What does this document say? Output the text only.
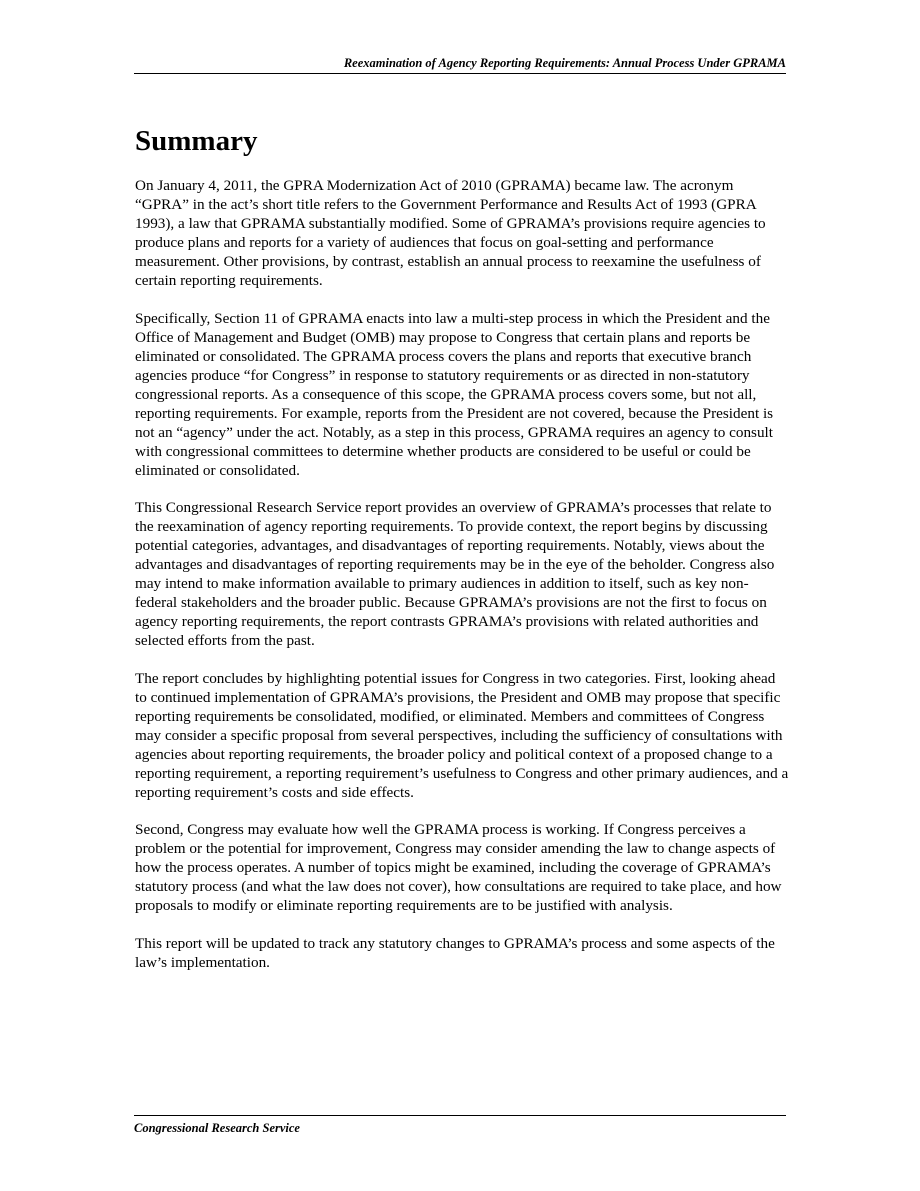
Reexamination of Agency Reporting Requirements: Annual Process Under GPRAMA
Summary

On January 4, 2011, the GPRA Modernization Act of 2010 (GPRAMA) became law. The acronym “GPRA” in the act’s short title refers to the Government Performance and Results Act of 1993 (GPRA 1993), a law that GPRAMA substantially modified. Some of GPRAMA’s provisions require agencies to produce plans and reports for a variety of audiences that focus on goal-setting and performance measurement. Other provisions, by contrast, establish an annual process to reexamine the usefulness of certain reporting requirements.

Specifically, Section 11 of GPRAMA enacts into law a multi-step process in which the President and the Office of Management and Budget (OMB) may propose to Congress that certain plans and reports be eliminated or consolidated. The GPRAMA process covers the plans and reports that executive branch agencies produce “for Congress” in response to statutory requirements or as directed in non-statutory congressional reports. As a consequence of this scope, the GPRAMA process covers some, but not all, reporting requirements. For example, reports from the President are not covered, because the President is not an “agency” under the act. Notably, as a step in this process, GPRAMA requires an agency to consult with congressional committees to determine whether products are considered to be useful or could be eliminated or consolidated.

This Congressional Research Service report provides an overview of GPRAMA’s processes that relate to the reexamination of agency reporting requirements. To provide context, the report begins by discussing potential categories, advantages, and disadvantages of reporting requirements. Notably, views about the advantages and disadvantages of reporting requirements may be in the eye of the beholder. Congress also may intend to make information available to primary audiences in addition to itself, such as key non-federal stakeholders and the broader public. Because GPRAMA’s provisions are not the first to focus on agency reporting requirements, the report contrasts GPRAMA’s provisions with related authorities and selected efforts from the past.

The report concludes by highlighting potential issues for Congress in two categories. First, looking ahead to continued implementation of GPRAMA’s provisions, the President and OMB may propose that specific reporting requirements be consolidated, modified, or eliminated. Members and committees of Congress may consider a specific proposal from several perspectives, including the sufficiency of consultations with agencies about reporting requirements, the broader policy and political context of a proposed change to a reporting requirement, a reporting requirement’s usefulness to Congress and other primary audiences, and a reporting requirement’s costs and side effects.

Second, Congress may evaluate how well the GPRAMA process is working. If Congress perceives a problem or the potential for improvement, Congress may consider amending the law to change aspects of how the process operates. A number of topics might be examined, including the coverage of GPRAMA’s statutory process (and what the law does not cover), how consultations are required to take place, and how proposals to modify or eliminate reporting requirements are to be justified with analysis.

This report will be updated to track any statutory changes to GPRAMA’s process and some aspects of the law’s implementation.

Congressional Research Service
